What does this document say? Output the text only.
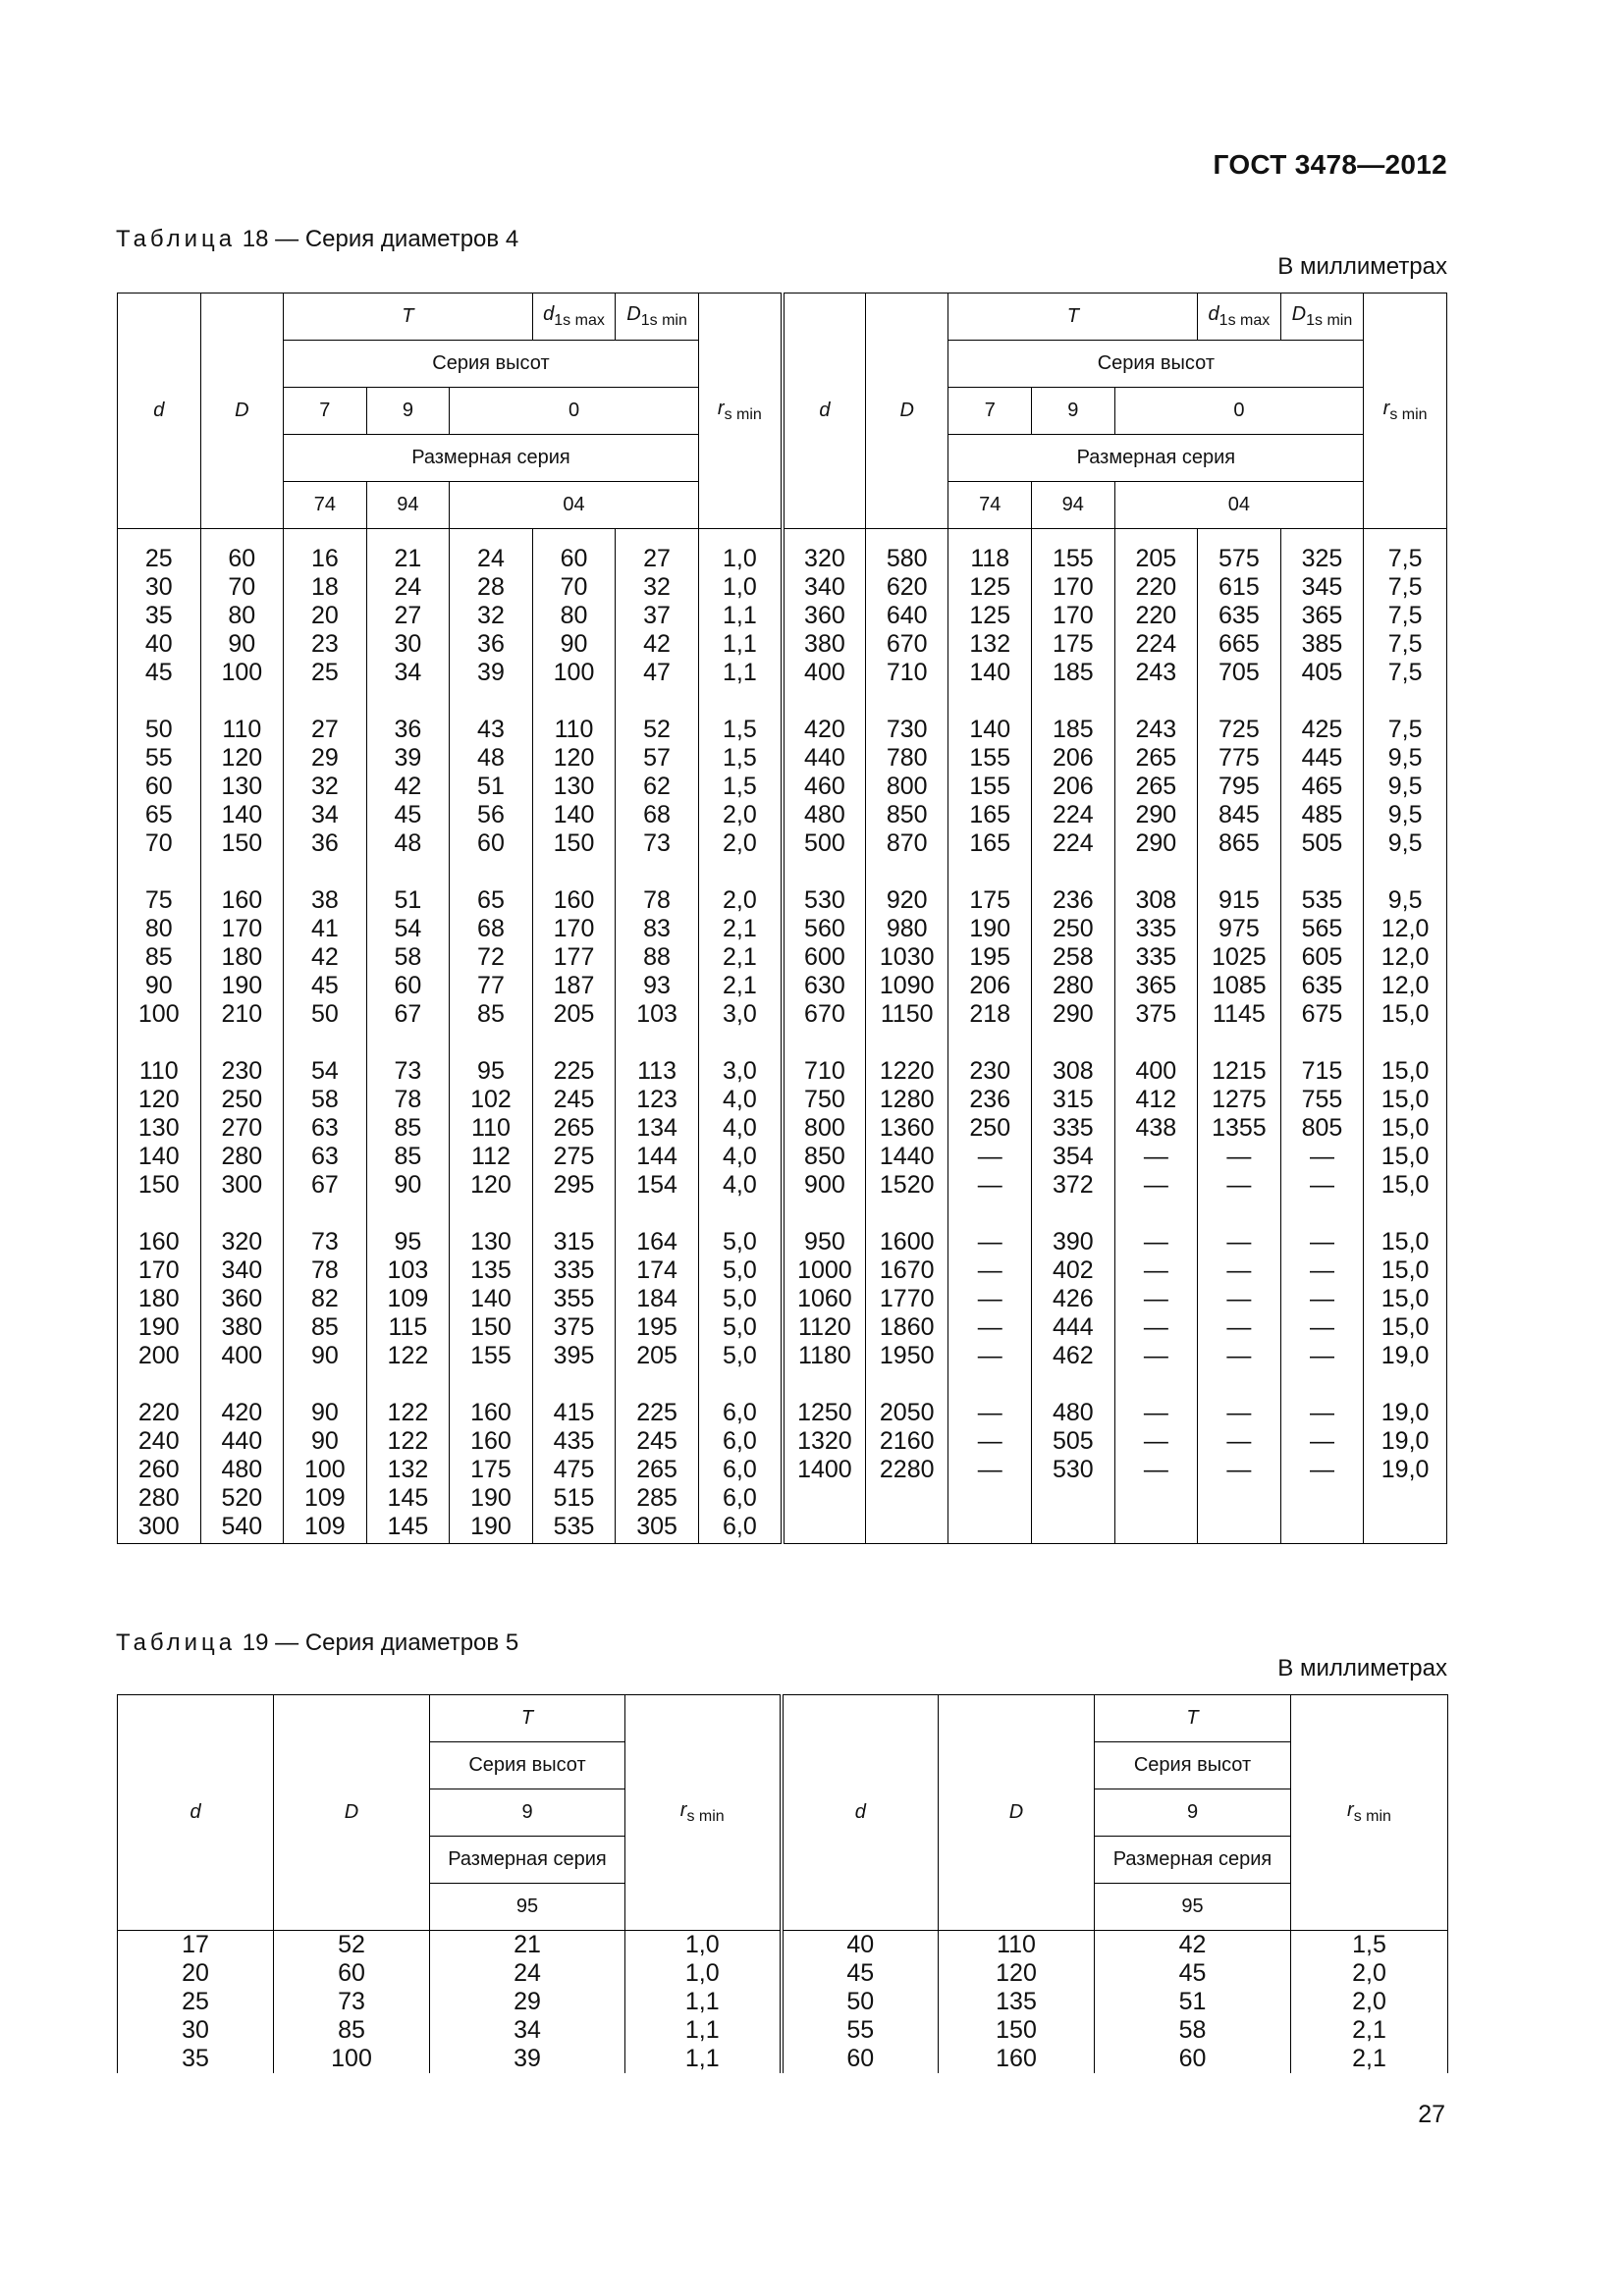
ГОСТ 3478—2012
Таблица 18 — Серия диаметров 4
В миллиметрах
d	D	T			$d_{1s max}$	$D_{1s min}$	$r_{s min}$	d	D	T			$d_{1s max}$	$D_{1s min}$	$r_{s min}$
		Серия высот								Серия высот					
		7	9	0						7	9	0			
		Размерная серия								Размерная серия					
		74	94	04						74	94	04			
25	60	16	21	24	60	27	1,0	320	580	118	155	205	575	325	7,5
30	70	18	24	28	70	32	1,0	340	620	125	170	220	615	345	7,5
35	80	20	27	32	80	37	1,1	360	640	125	170	220	635	365	7,5
40	90	23	30	36	90	42	1,1	380	670	132	175	224	665	385	7,5
45	100	25	34	39	100	47	1,1	400	710	140	185	243	705	405	7,5

50	110	27	36	43	110	52	1,5	420	730	140	185	243	725	425	7,5
55	120	29	39	48	120	57	1,5	440	780	155	206	265	775	445	9,5
60	130	32	42	51	130	62	1,5	460	800	155	206	265	795	465	9,5
65	140	34	45	56	140	68	2,0	480	850	165	224	290	845	485	9,5
70	150	36	48	60	150	73	2,0	500	870	165	224	290	865	505	9,5

75	160	38	51	65	160	78	2,0	530	920	175	236	308	915	535	9,5
80	170	41	54	68	170	83	2,1	560	980	190	250	335	975	565	12,0
85	180	42	58	72	177	88	2,1	600	1030	195	258	335	1025	605	12,0
90	190	45	60	77	187	93	2,1	630	1090	206	280	365	1085	635	12,0
100	210	50	67	85	205	103	3,0	670	1150	218	290	375	1145	675	15,0

110	230	54	73	95	225	113	3,0	710	1220	230	308	400	1215	715	15,0
120	250	58	78	102	245	123	4,0	750	1280	236	315	412	1275	755	15,0
130	270	63	85	110	265	134	4,0	800	1360	250	335	438	1355	805	15,0
140	280	63	85	112	275	144	4,0	850	1440	—	354	—	—	—	15,0
150	300	67	90	120	295	154	4,0	900	1520	—	372	—	—	—	15,0

160	320	73	95	130	315	164	5,0	950	1600	—	390	—	—	—	15,0
170	340	78	103	135	335	174	5,0	1000	1670	—	402	—	—	—	15,0
180	360	82	109	140	355	184	5,0	1060	1770	—	426	—	—	—	15,0
190	380	85	115	150	375	195	5,0	1120	1860	—	444	—	—	—	15,0
200	400	90	122	155	395	205	5,0	1180	1950	—	462	—	—	—	19,0

220	420	90	122	160	415	225	6,0	1250	2050	—	480	—	—	—	19,0
240	440	90	122	160	435	245	6,0	1320	2160	—	505	—	—	—	19,0
260	480	100	132	175	475	265	6,0	1400	2280	—	530	—	—	—	19,0
280	520	109	145	190	515	285	6,0								
300	540	109	145	190	535	305	6,0								
Таблица 19 — Серия диаметров 5
В миллиметрах
d	D	T	$r_{s min}$	d	D	T	$r_{s min}$
		Серия высот				Серия высот	
		9				9	
		Размерная серия				Размерная серия	
		95				95	
17	52	21	1,0	40	110	42	1,5
20	60	24	1,0	45	120	45	2,0
25	73	29	1,1	50	135	51	2,0
30	85	34	1,1	55	150	58	2,1
35	100	39	1,1	60	160	60	2,1
27
